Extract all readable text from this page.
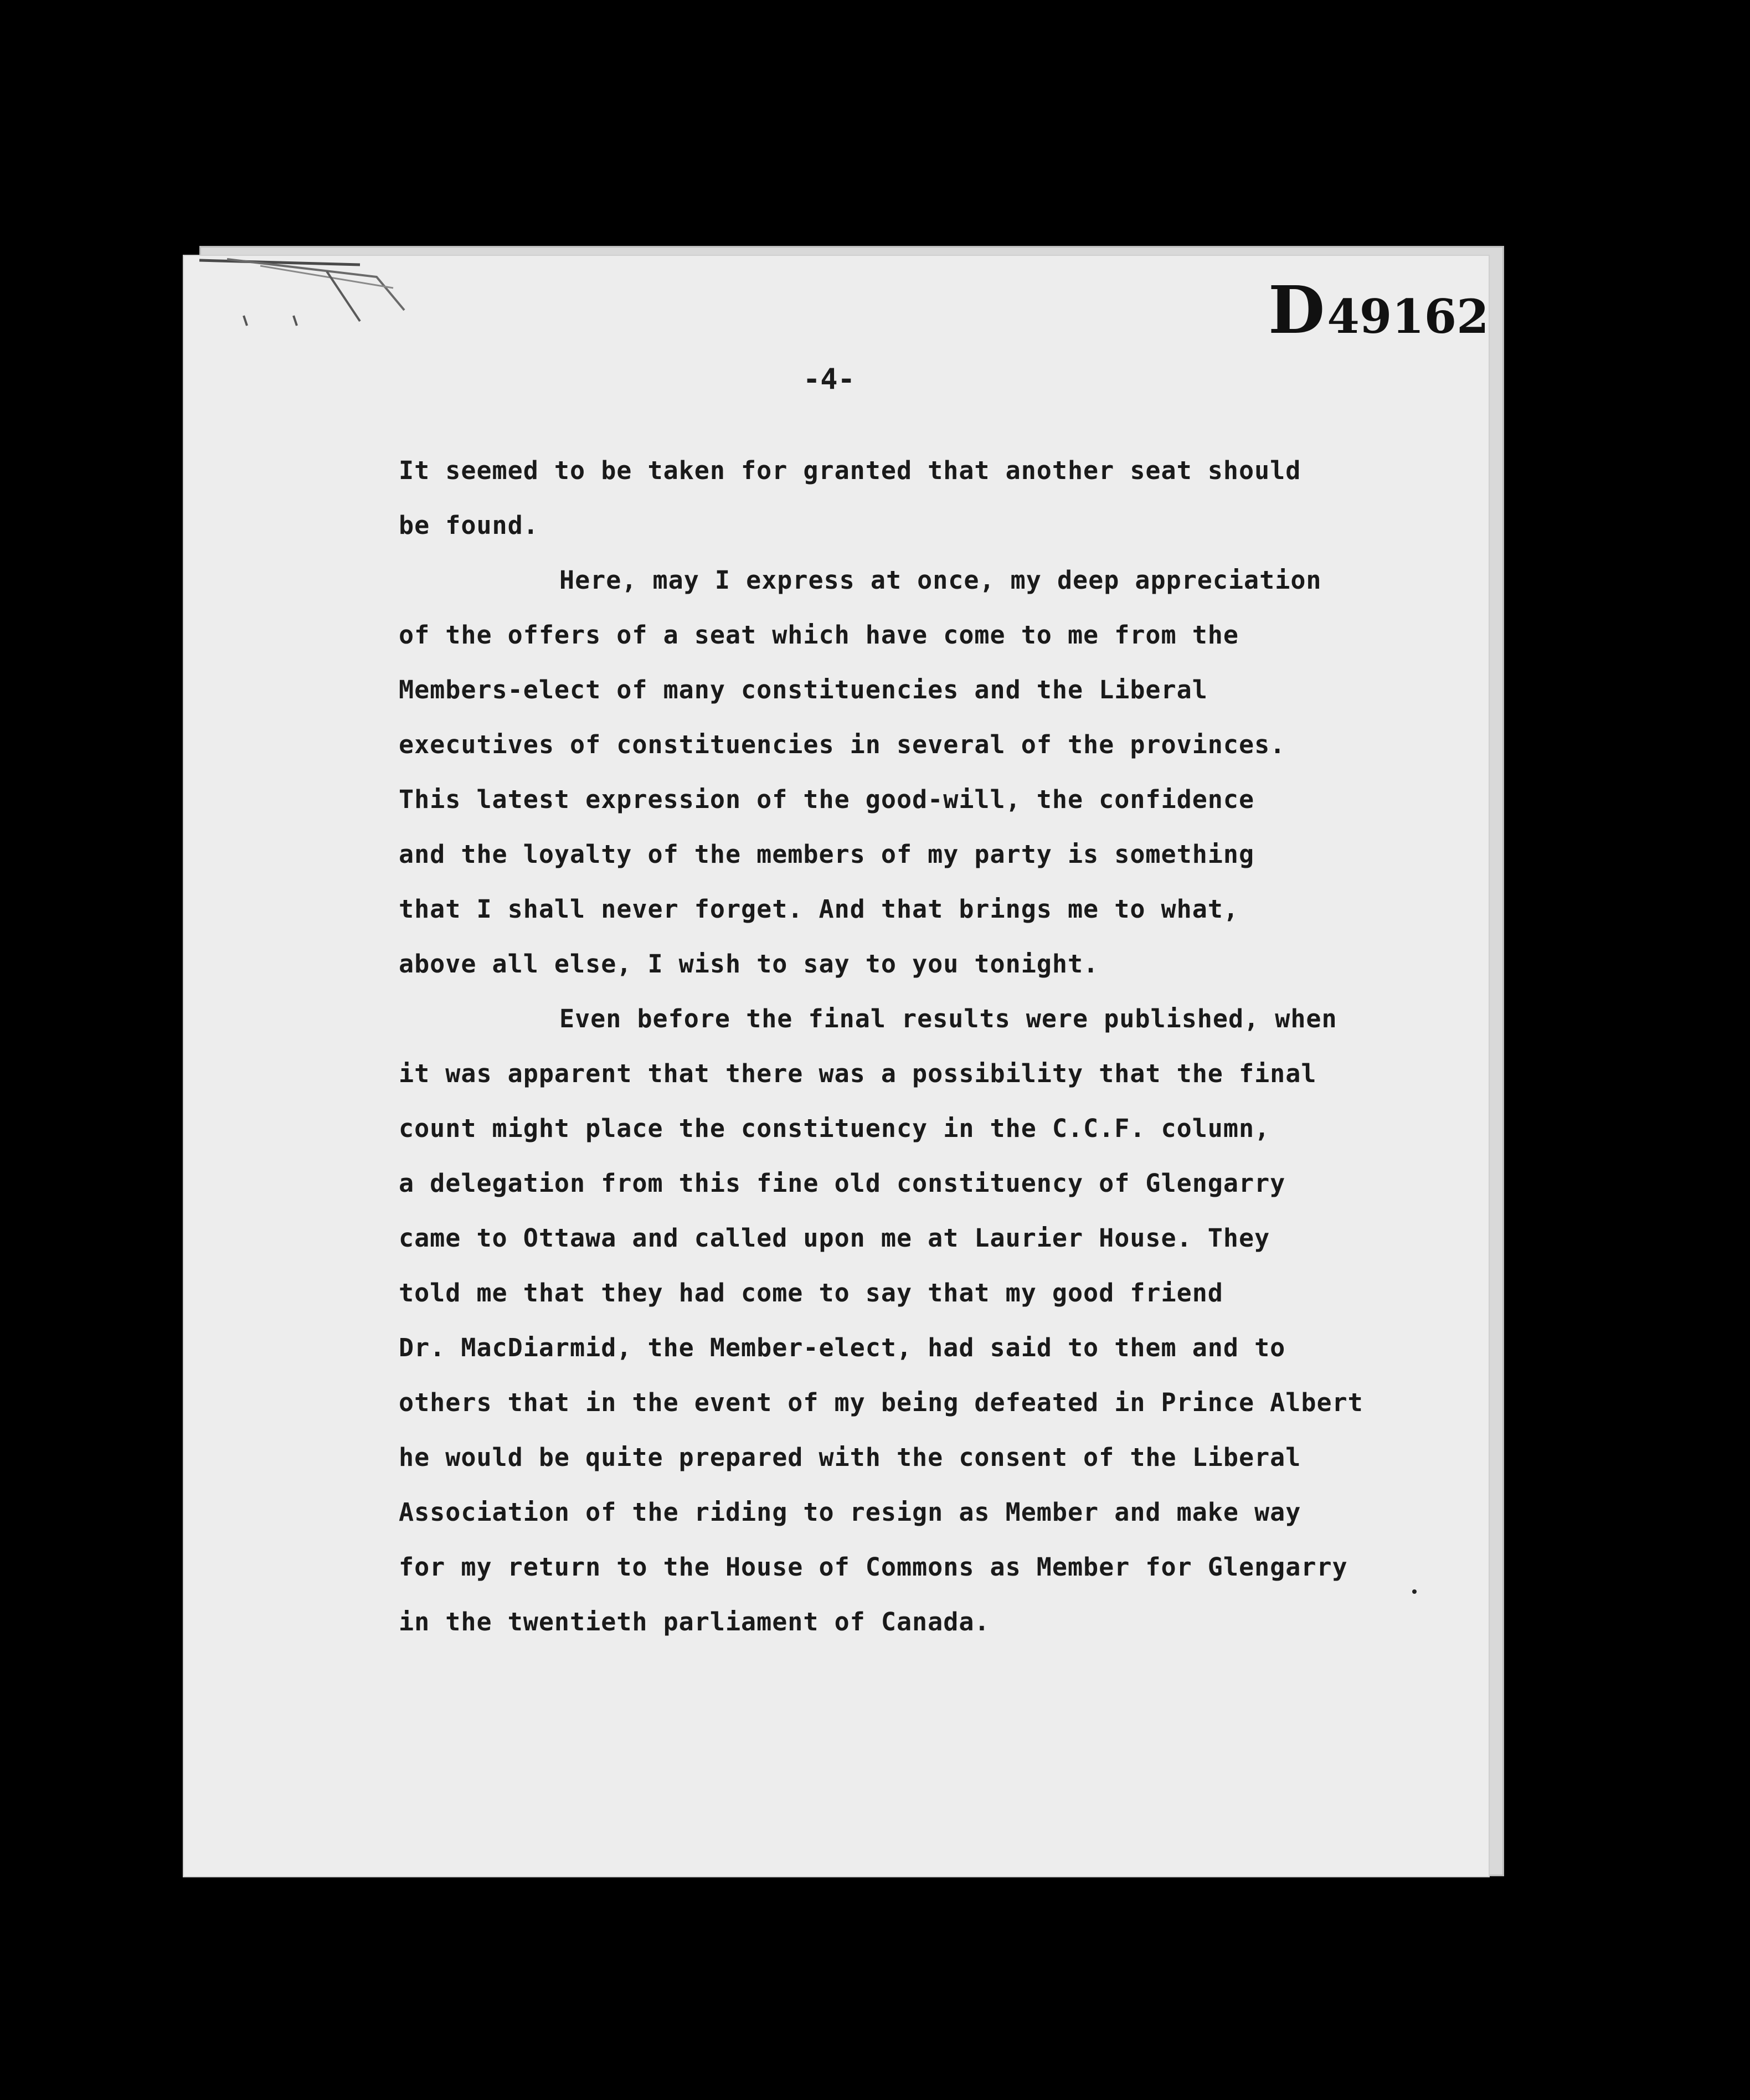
D49162
-4-
It seemed to be taken for granted that another seat should
be found.
Here, may I express at once, my deep appreciation
of the offers of a seat which have come to me from the
Members-elect of many constituencies and the Liberal
executives of constituencies in several of the provinces.
This latest expression of the good-will, the confidence
and the loyalty of the members of my party is something
that I shall never forget. And that brings me to what,
above all else, I wish to say to you tonight.
Even before the final results were published, when
it was apparent that there was a possibility that the final
count might place the constituency in the C.C.F. column,
a delegation from this fine old constituency of Glengarry
came to Ottawa and called upon me at Laurier House. They
told me that they had come to say that my good friend
Dr. MacDiarmid, the Member-elect, had said to them and to
others that in the event of my being defeated in Prince Albert
he would be quite prepared with the consent of the Liberal
Association of the riding to resign as Member and make way
for my return to the House of Commons as Member for Glengarry
in the twentieth parliament of Canada.
